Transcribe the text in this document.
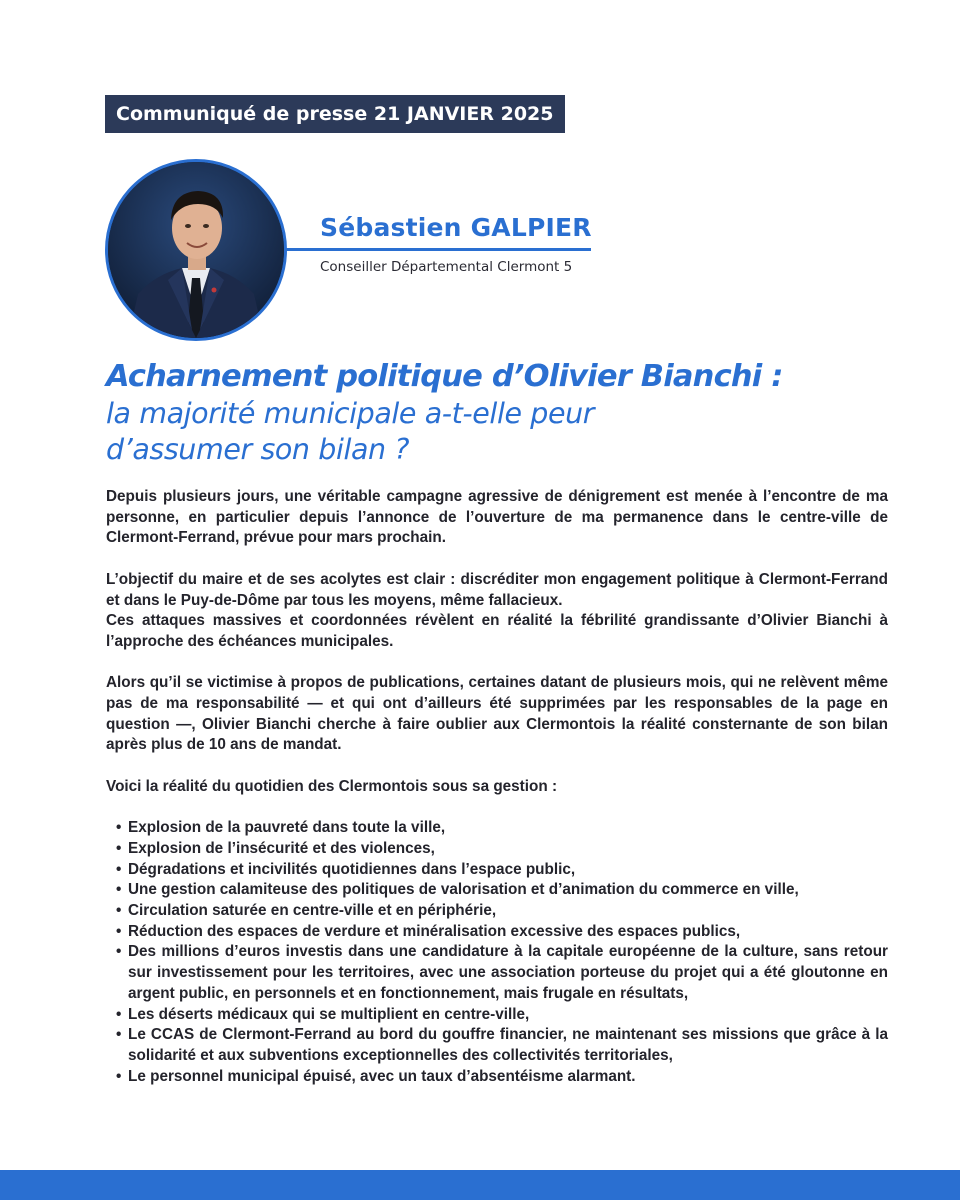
Communiqué de presse 21 JANVIER 2025
Sébastien GALPIER
Conseiller Départemental Clermont 5
Acharnement politique d’Olivier Bianchi :
la majorité municipale a-t-elle peur
d’assumer son bilan ?

Depuis plusieurs jours, une véritable campagne agressive de dénigrement est menée à l’encontre de ma personne, en particulier depuis l’annonce de l’ouverture de ma permanence dans le centre-ville de Clermont-Ferrand, prévue pour mars prochain.

L’objectif du maire et de ses acolytes est clair : discréditer mon engagement politique à Clermont-Ferrand et dans le Puy-de-Dôme par tous les moyens, même fallacieux.
Ces attaques massives et coordonnées révèlent en réalité la fébrilité grandissante d’Olivier Bianchi à l’approche des échéances municipales.

Alors qu’il se victimise à propos de publications, certaines datant de plusieurs mois, qui ne relèvent même pas de ma responsabilité — et qui ont d’ailleurs été supprimées par les responsables de la page en question —, Olivier Bianchi cherche à faire oublier aux Clermontois la réalité consternante de son bilan après plus de 10 ans de mandat.

Voici la réalité du quotidien des Clermontois sous sa gestion :

• Explosion de la pauvreté dans toute la ville,
• Explosion de l’insécurité et des violences,
• Dégradations et incivilités quotidiennes dans l’espace public,
• Une gestion calamiteuse des politiques de valorisation et d’animation du commerce en ville,
• Circulation saturée en centre-ville et en périphérie,
• Réduction des espaces de verdure et minéralisation excessive des espaces publics,
• Des millions d’euros investis dans une candidature à la capitale européenne de la culture, sans retour sur investissement pour les territoires, avec une association porteuse du projet qui a été gloutonne en argent public, en personnels et en fonctionnement, mais frugale en résultats,
• Les déserts médicaux qui se multiplient en centre-ville,
• Le CCAS de Clermont-Ferrand au bord du gouffre financier, ne maintenant ses missions que grâce à la solidarité et aux subventions exceptionnelles des collectivités territoriales,
• Le personnel municipal épuisé, avec un taux d’absentéisme alarmant.
